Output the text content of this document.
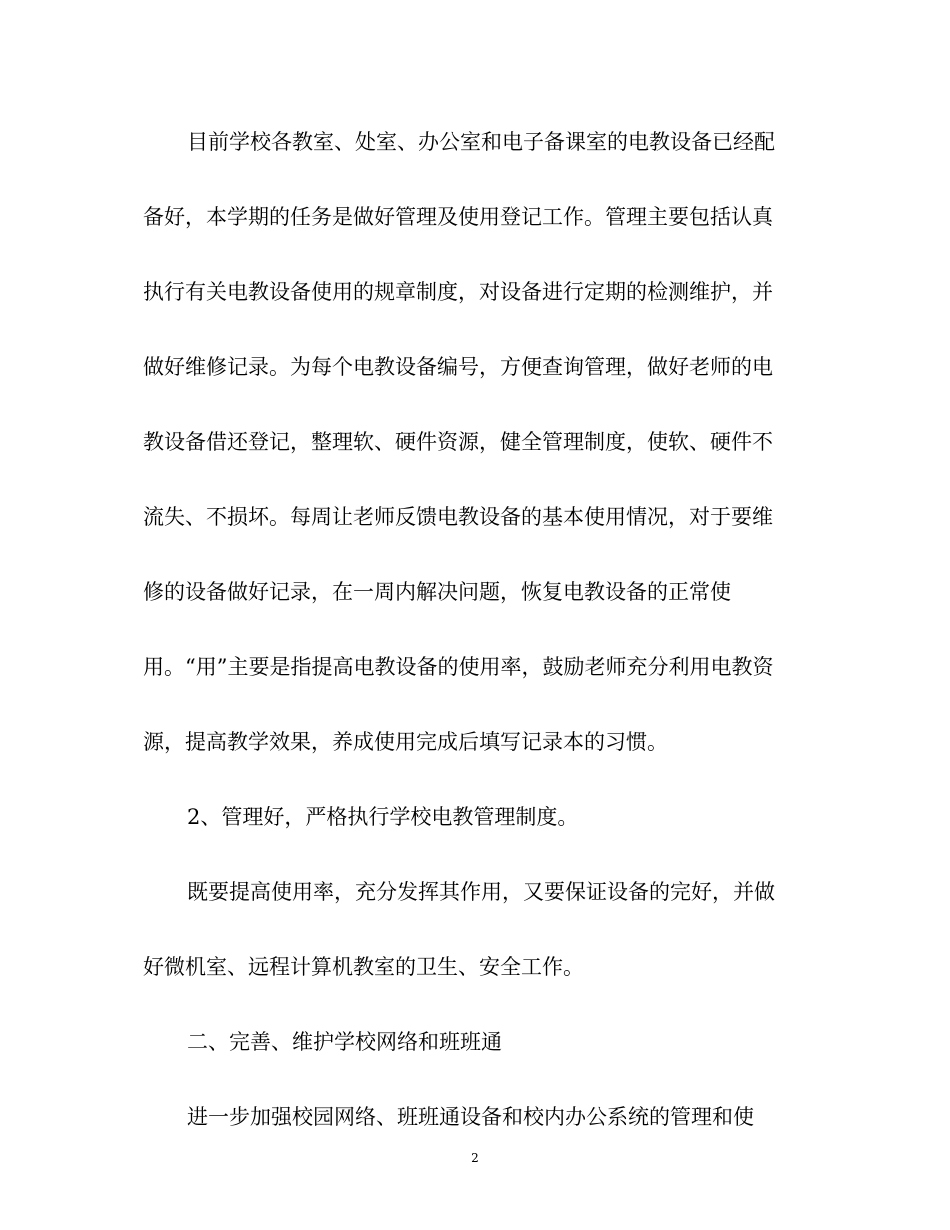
目前学校各教室、处室、办公室和电子备课室的电教设备已经配
备好，本学期的任务是做好管理及使用登记工作。管理主要包括认真
执行有关电教设备使用的规章制度，对设备进行定期的检测维护，并
做好维修记录。为每个电教设备编号，方便查询管理，做好老师的电
教设备借还登记，整理软、硬件资源，健全管理制度，使软、硬件不
流失、不损坏。每周让老师反馈电教设备的基本使用情况，对于要维
修的设备做好记录，在一周内解决问题，恢复电教设备的正常使
用。“用”主要是指提高电教设备的使用率，鼓励老师充分利用电教资
源，提高教学效果，养成使用完成后填写记录本的习惯。
2、管理好，严格执行学校电教管理制度。
既要提高使用率，充分发挥其作用，又要保证设备的完好，并做
好微机室、远程计算机教室的卫生、安全工作。
二、完善、维护学校网络和班班通
进一步加强校园网络、班班通设备和校内办公系统的管理和使
2
